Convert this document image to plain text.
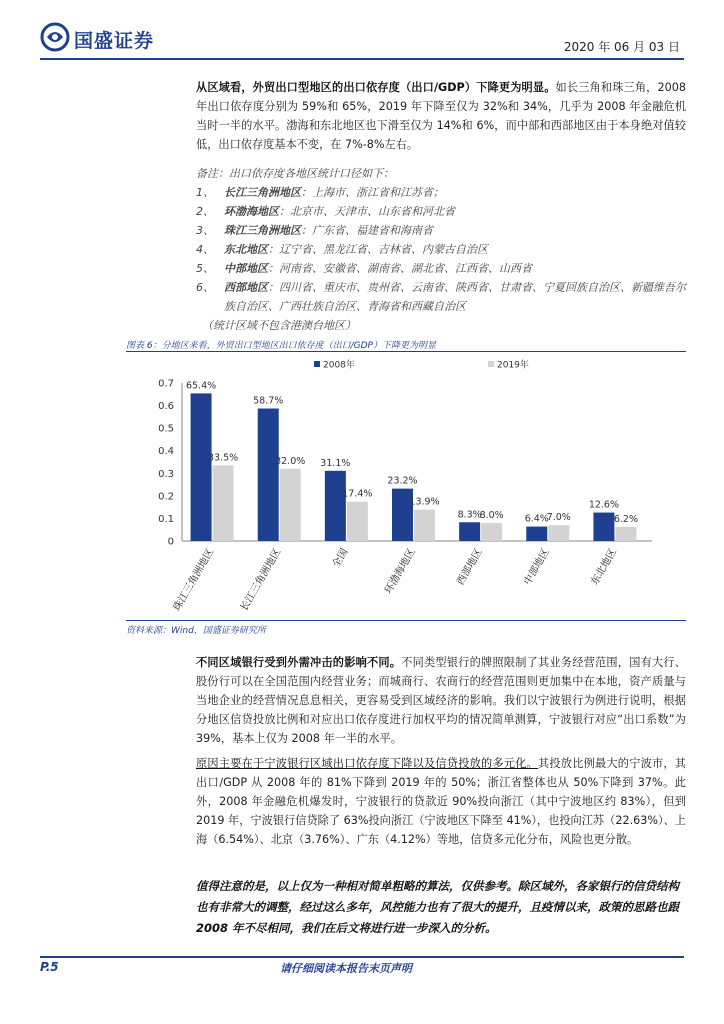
国盛证券	2020 年 06 月 03 日
从区域看，外贸出口型地区的出口依存度（出口/GDP）下降更为明显。如长三角和珠三角，2008 年出口依存度分别为 59%和 65%，2019 年下降至仅为 32%和 34%，几乎为 2008 年金融危机当时一半的水平。渤海和东北地区也下滑至仅为 14%和 6%，而中部和西部地区由于本身绝对值较低，出口依存度基本不变，在 7%-8%左右。
备注：出口依存度各地区统计口径如下：
1、 长江三角洲地区：上海市、浙江省和江苏省；
2、 环渤海地区：北京市、天津市、山东省和河北省
3、 珠江三角洲地区：广东省、福建省和海南省
4、 东北地区：辽宁省、黑龙江省、吉林省、内蒙古自治区
5、 中部地区：河南省、安徽省、湖南省、湖北省、江西省、山西省
6、 西部地区：四川省、重庆市、贵州省、云南省、陕西省、甘肃省、宁夏回族自治区、新疆维吾尔族自治区、广西壮族自治区、青海省和西藏自治区
（统计区域不包含港澳台地区）
图表 6：分地区来看，外贸出口型地区出口依存度（出口/GDP）下降更为明显
2008年	2019年
0
0.1
0.2
0.3
0.4
0.5
0.6
0.7 65.4%
33.5%
珠江三角洲地区
58.7%
32.0%
长江三角洲地区
31.1%
17.4%
全国
23.2%
13.9%
环渤海地区
8.3%
8.0%
西部地区
6.4%
7.0%
中部地区
12.6%
6.2%
东北地区
资料来源：Wind，国盛证券研究所
不同区域银行受到外需冲击的影响不同。不同类型银行的牌照限制了其业务经营范围，国有大行、股份行可以在全国范围内经营业务；而城商行、农商行的经营范围则更加集中在本地，资产质量与当地企业的经营情况息息相关，更容易受到区域经济的影响。我们以宁波银行为例进行说明，根据分地区信贷投放比例和对应出口依存度进行加权平均的情况简单测算，宁波银行对应“出口系数”为 39%，基本上仅为 2008 年一半的水平。
原因主要在于宁波银行区域出口依存度下降以及信贷投放的多元化。其投放比例最大的宁波市，其出口/GDP 从 2008 年的 81%下降到 2019 年的 50%；浙江省整体也从 50%下降到 37%。此外，2008 年金融危机爆发时，宁波银行的贷款近 90%投向浙江（其中宁波地区约 83%），但到 2019 年，宁波银行信贷除了 63%投向浙江（宁波地区下降至 41%），也投向江苏（22.63%）、上海（6.54%）、北京（3.76%）、广东（4.12%）等地，信贷多元化分布，风险也更分散。
值得注意的是，以上仅为一种相对简单粗略的算法，仅供参考。除区域外，各家银行的信贷结构也有非常大的调整，经过这么多年，风控能力也有了很大的提升，且疫情以来，政策的思路也跟 2008 年不尽相同，我们在后文将进行进一步深入的分析。
P.5	请仔细阅读本报告末页声明
